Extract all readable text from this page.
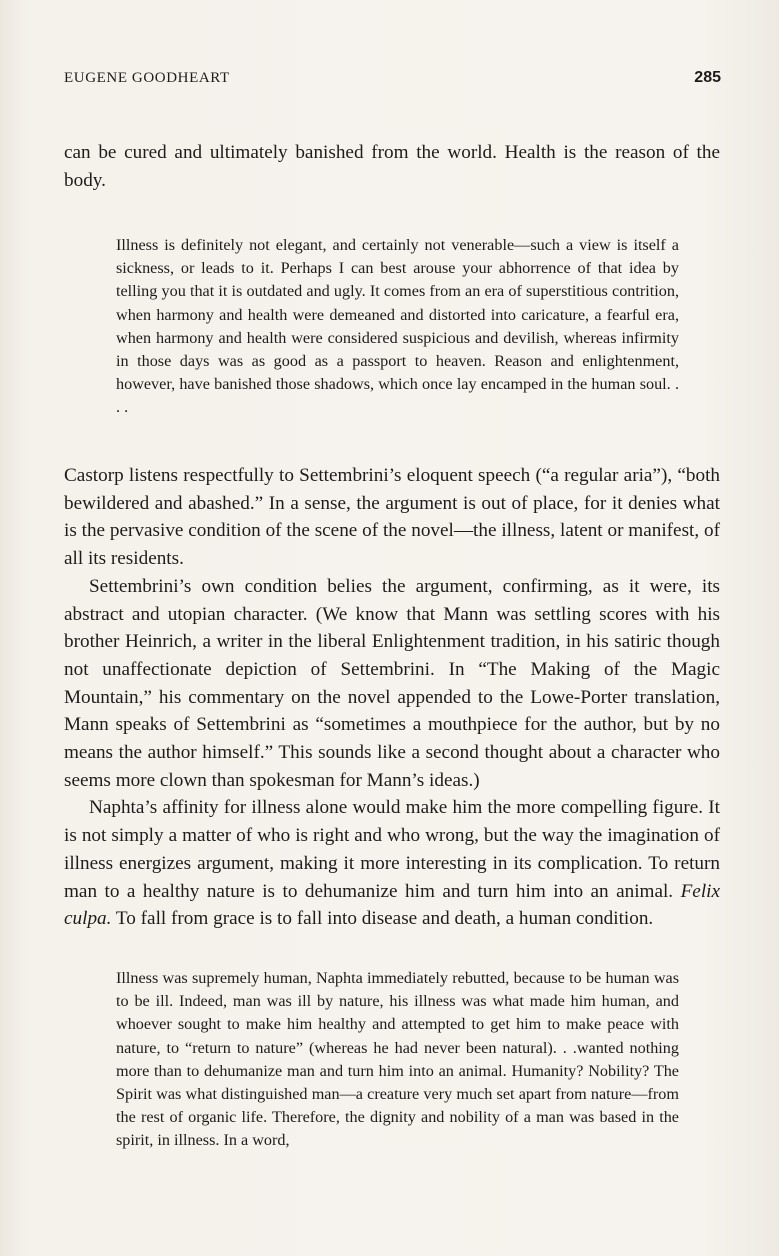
EUGENE GOODHEART	285

can be cured and ultimately banished from the world. Health is the reason of the body.

Illness is definitely not elegant, and certainly not venerable—such a view is itself a sickness, or leads to it. Perhaps I can best arouse your abhorrence of that idea by telling you that it is outdated and ugly. It comes from an era of superstitious contrition, when harmony and health were demeaned and distorted into caricature, a fearful era, when harmony and health were considered suspicious and devilish, whereas infirmity in those days was as good as a passport to heaven. Reason and enlightenment, however, have banished those shadows, which once lay encamped in the human soul. . . .

Castorp listens respectfully to Settembrini’s eloquent speech (“a regular aria”), “both bewildered and abashed.” In a sense, the argument is out of place, for it denies what is the pervasive condition of the scene of the novel—the illness, latent or manifest, of all its residents.

Settembrini’s own condition belies the argument, confirming, as it were, its abstract and utopian character. (We know that Mann was settling scores with his brother Heinrich, a writer in the liberal Enlightenment tradition, in his satiric though not unaffectionate depiction of Settembrini. In “The Making of the Magic Mountain,” his commentary on the novel appended to the Lowe-Porter translation, Mann speaks of Settembrini as “sometimes a mouthpiece for the author, but by no means the author himself.” This sounds like a second thought about a character who seems more clown than spokesman for Mann’s ideas.)

Naphta’s affinity for illness alone would make him the more compelling figure. It is not simply a matter of who is right and who wrong, but the way the imagination of illness energizes argument, making it more interesting in its complication. To return man to a healthy nature is to dehumanize him and turn him into an animal. Felix culpa. To fall from grace is to fall into disease and death, a human condition.

Illness was supremely human, Naphta immediately rebutted, because to be human was to be ill. Indeed, man was ill by nature, his illness was what made him human, and whoever sought to make him healthy and attempted to get him to make peace with nature, to “return to nature” (whereas he had never been natural). . .wanted nothing more than to dehumanize man and turn him into an animal. Humanity? Nobility? The Spirit was what distinguished man—a creature very much set apart from nature—from the rest of organic life. Therefore, the dignity and nobility of a man was based in the spirit, in illness. In a word,
